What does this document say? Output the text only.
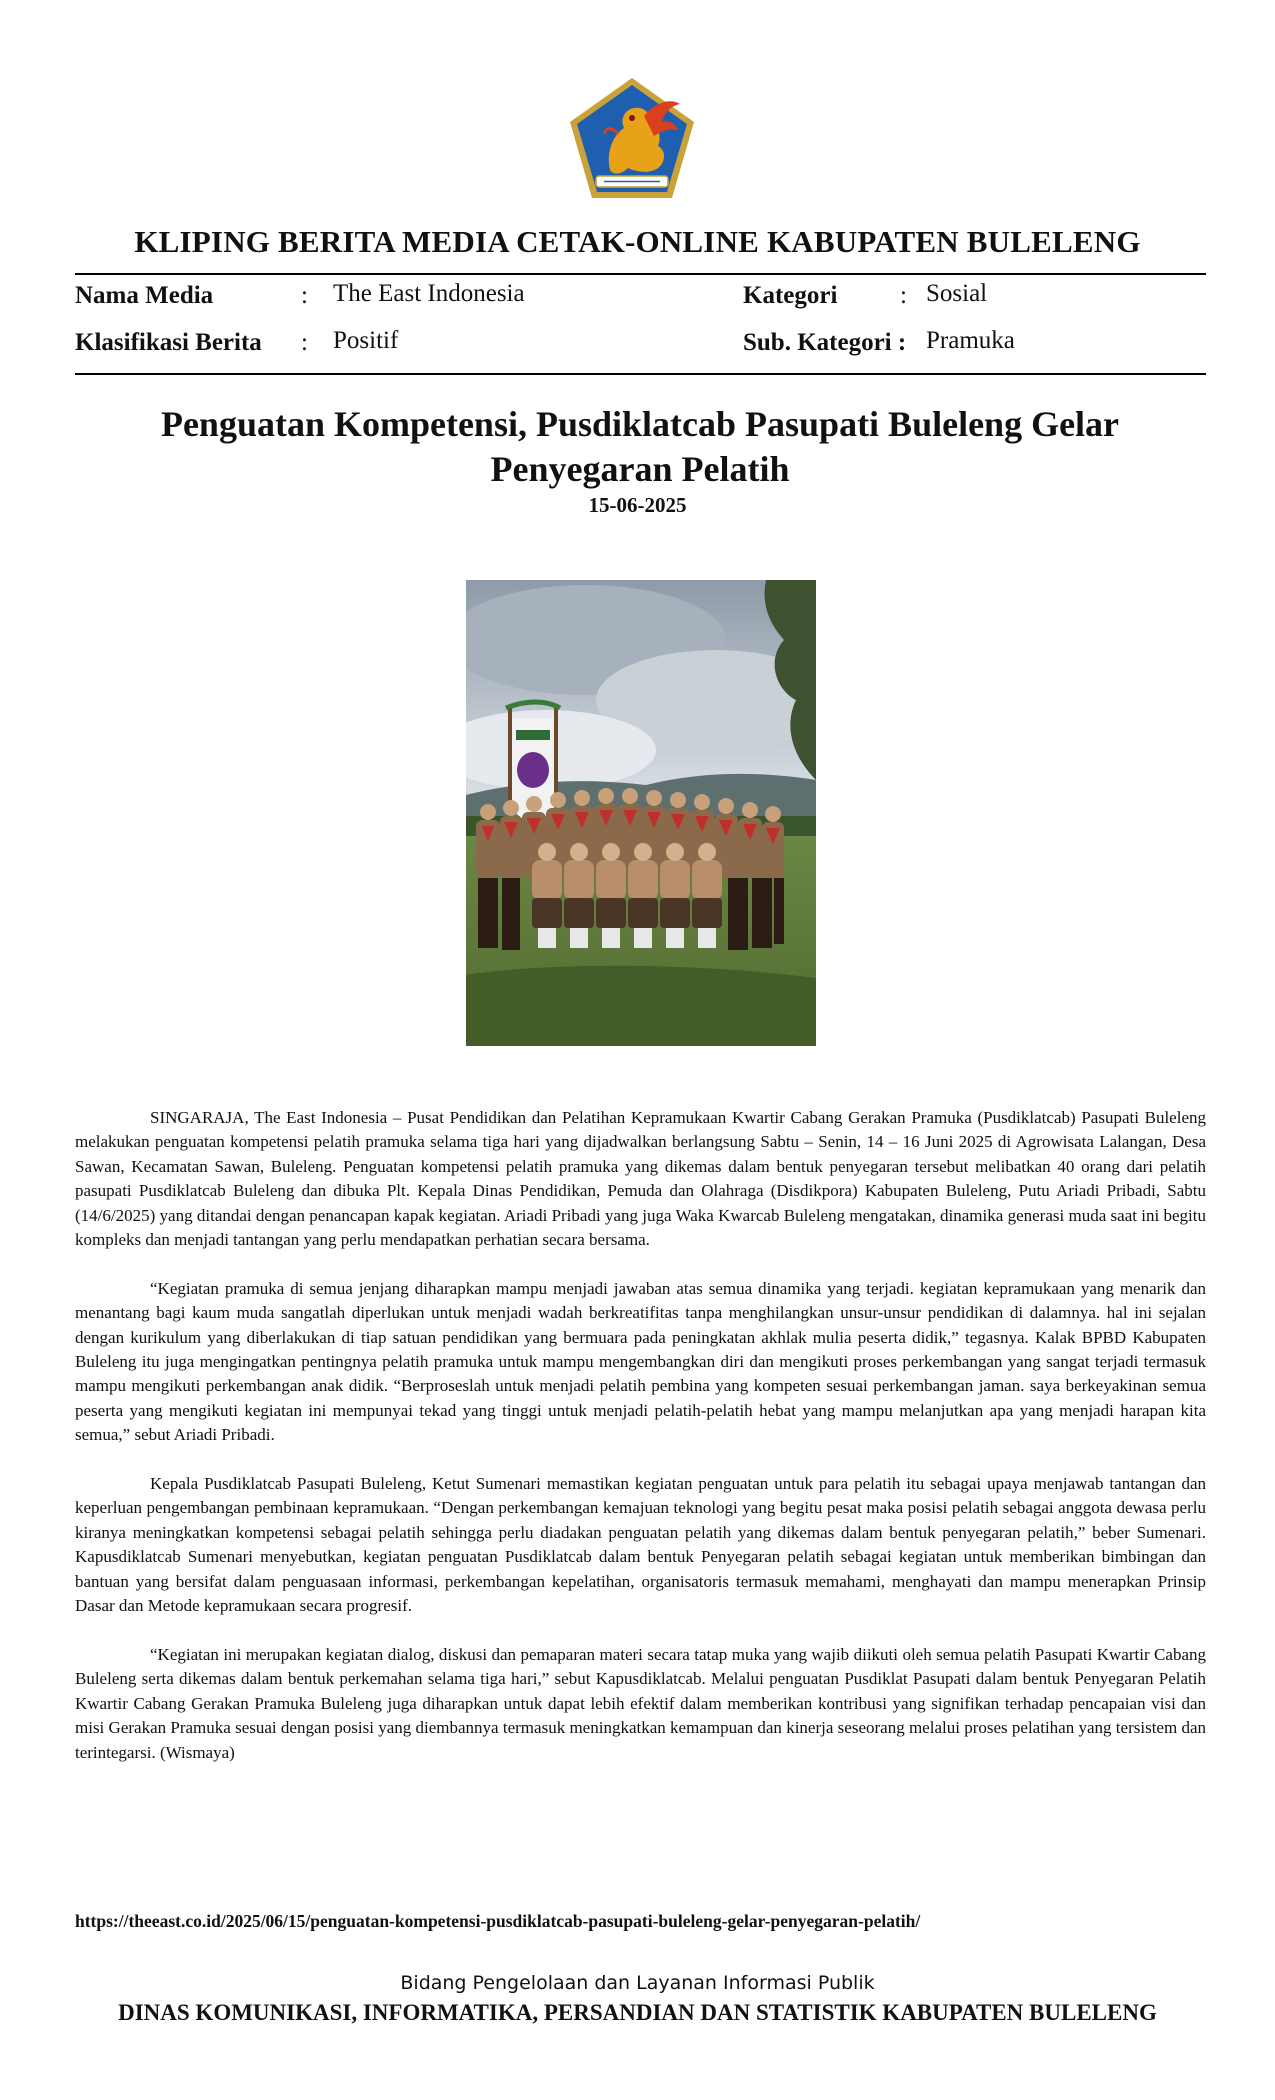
KLIPING BERITA MEDIA CETAK-ONLINE KABUPATEN BULELENG
Nama Media	: The East Indonesia	Kategori	: Sosial
Klasifikasi Berita : Positif	Sub. Kategori : Pramuka
Penguatan Kompetensi, Pusdiklatcab Pasupati Buleleng Gelar Penyegaran Pelatih
15-06-2025

SINGARAJA, The East Indonesia – Pusat Pendidikan dan Pelatihan Kepramukaan Kwartir Cabang Gerakan Pramuka (Pusdiklatcab) Pasupati Buleleng melakukan penguatan kompetensi pelatih pramuka selama tiga hari yang dijadwalkan berlangsung Sabtu – Senin, 14 – 16 Juni 2025 di Agrowisata Lalangan, Desa Sawan, Kecamatan Sawan, Buleleng. Penguatan kompetensi pelatih pramuka yang dikemas dalam bentuk penyegaran tersebut melibatkan 40 orang dari pelatih pasupati Pusdiklatcab Buleleng dan dibuka Plt. Kepala Dinas Pendidikan, Pemuda dan Olahraga (Disdikpora) Kabupaten Buleleng, Putu Ariadi Pribadi, Sabtu (14/6/2025) yang ditandai dengan penancapan kapak kegiatan. Ariadi Pribadi yang juga Waka Kwarcab Buleleng mengatakan, dinamika generasi muda saat ini begitu kompleks dan menjadi tantangan yang perlu mendapatkan perhatian secara bersama.

“Kegiatan pramuka di semua jenjang diharapkan mampu menjadi jawaban atas semua dinamika yang terjadi. kegiatan kepramukaan yang menarik dan menantang bagi kaum muda sangatlah diperlukan untuk menjadi wadah berkreatifitas tanpa menghilangkan unsur-unsur pendidikan di dalamnya. hal ini sejalan dengan kurikulum yang diberlakukan di tiap satuan pendidikan yang bermuara pada peningkatan akhlak mulia peserta didik,” tegasnya. Kalak BPBD Kabupaten Buleleng itu juga mengingatkan pentingnya pelatih pramuka untuk mampu mengembangkan diri dan mengikuti proses perkembangan yang sangat terjadi termasuk mampu mengikuti perkembangan anak didik. “Berproseslah untuk menjadi pelatih pembina yang kompeten sesuai perkembangan jaman. saya berkeyakinan semua peserta yang mengikuti kegiatan ini mempunyai tekad yang tinggi untuk menjadi pelatih-pelatih hebat yang mampu melanjutkan apa yang menjadi harapan kita semua,” sebut Ariadi Pribadi.

Kepala Pusdiklatcab Pasupati Buleleng, Ketut Sumenari memastikan kegiatan penguatan untuk para pelatih itu sebagai upaya menjawab tantangan dan keperluan pengembangan pembinaan kepramukaan. “Dengan perkembangan kemajuan teknologi yang begitu pesat maka posisi pelatih sebagai anggota dewasa perlu kiranya meningkatkan kompetensi sebagai pelatih sehingga perlu diadakan penguatan pelatih yang dikemas dalam bentuk penyegaran pelatih,” beber Sumenari. Kapusdiklatcab Sumenari menyebutkan, kegiatan penguatan Pusdiklatcab dalam bentuk Penyegaran pelatih sebagai kegiatan untuk memberikan bimbingan dan bantuan yang bersifat dalam penguasaan informasi, perkembangan kepelatihan, organisatoris termasuk memahami, menghayati dan mampu menerapkan Prinsip Dasar dan Metode kepramukaan secara progresif.

“Kegiatan ini merupakan kegiatan dialog, diskusi dan pemaparan materi secara tatap muka yang wajib diikuti oleh semua pelatih Pasupati Kwartir Cabang Buleleng serta dikemas dalam bentuk perkemahan selama tiga hari,” sebut Kapusdiklatcab. Melalui penguatan Pusdiklat Pasupati dalam bentuk Penyegaran Pelatih Kwartir Cabang Gerakan Pramuka Buleleng juga diharapkan untuk dapat lebih efektif dalam memberikan kontribusi yang signifikan terhadap pencapaian visi dan misi Gerakan Pramuka sesuai dengan posisi yang diembannya termasuk meningkatkan kemampuan dan kinerja seseorang melalui proses pelatihan yang tersistem dan terintegarsi. (Wismaya)

https://theeast.co.id/2025/06/15/penguatan-kompetensi-pusdiklatcab-pasupati-buleleng-gelar-penyegaran-pelatih/
Bidang Pengelolaan dan Layanan Informasi Publik
DINAS KOMUNIKASI, INFORMATIKA, PERSANDIAN DAN STATISTIK KABUPATEN BULELENG
